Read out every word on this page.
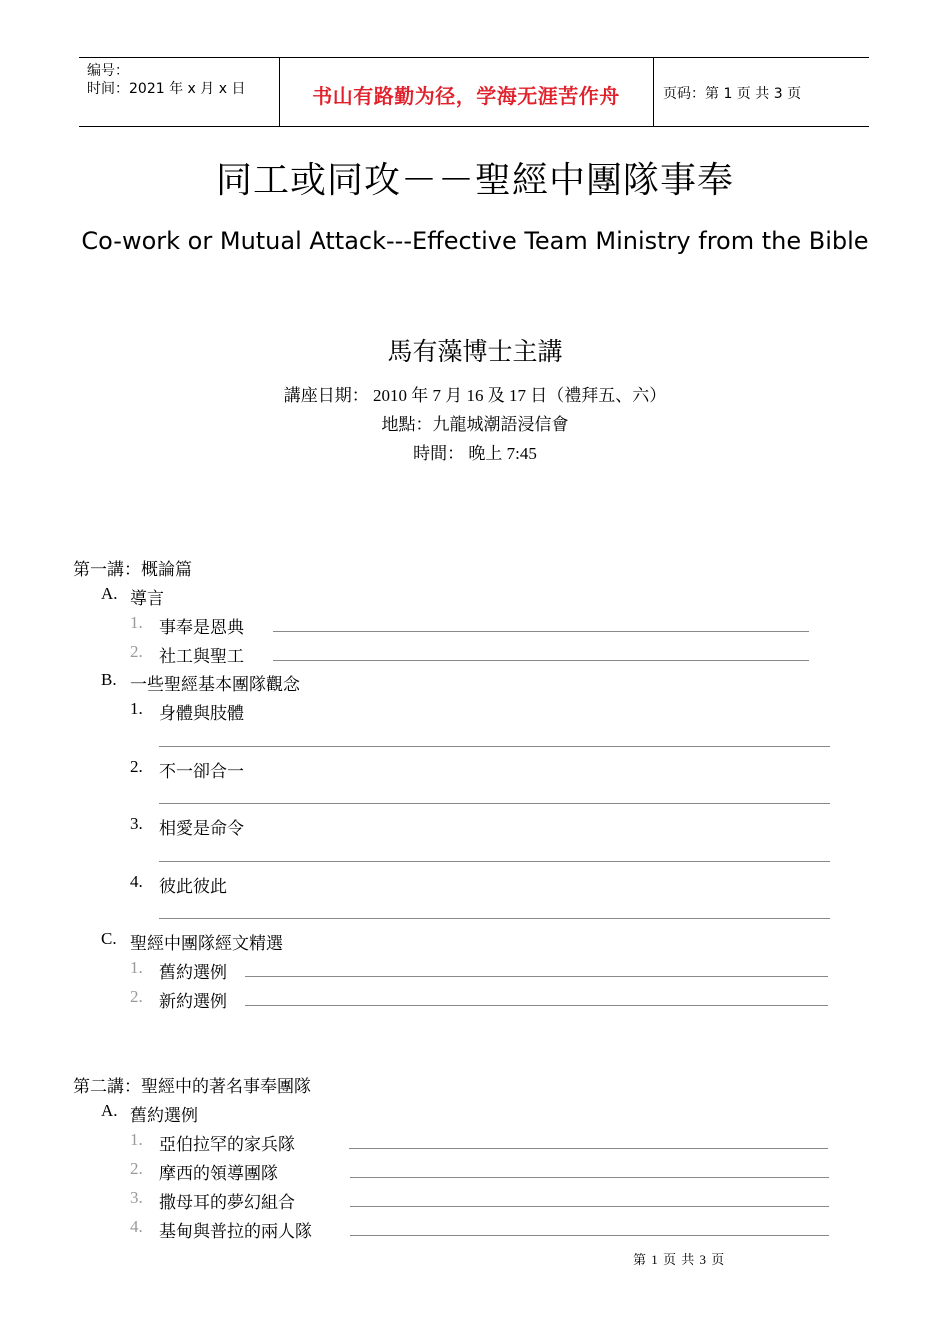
编号：
时间：2021 年 x 月 x 日	书山有路勤为径，学海无涯苦作舟	页码：第 1 页 共 3 页
同工或同攻－－聖經中團隊事奉
Co-work or Mutual Attack---Effective Team Ministry from the Bible
馬有藻博士主講
講座日期： 2010 年 7 月 16 及 17 日（禮拜五、六）
地點：九龍城潮語浸信會
時間： 晚上 7:45
第一講：概論篇
A. 導言
1. 事奉是恩典
2. 社工與聖工
B. 一些聖經基本團隊觀念
1. 身體與肢體
2. 不一卻合一
3. 相愛是命令
4. 彼此彼此
C. 聖經中團隊經文精選
1. 舊約選例
2. 新約選例
第二講：聖經中的著名事奉團隊
A. 舊約選例
1. 亞伯拉罕的家兵隊
2. 摩西的領導團隊
3. 撒母耳的夢幻組合
4. 基甸與普拉的兩人隊
第 1 页 共 3 页
